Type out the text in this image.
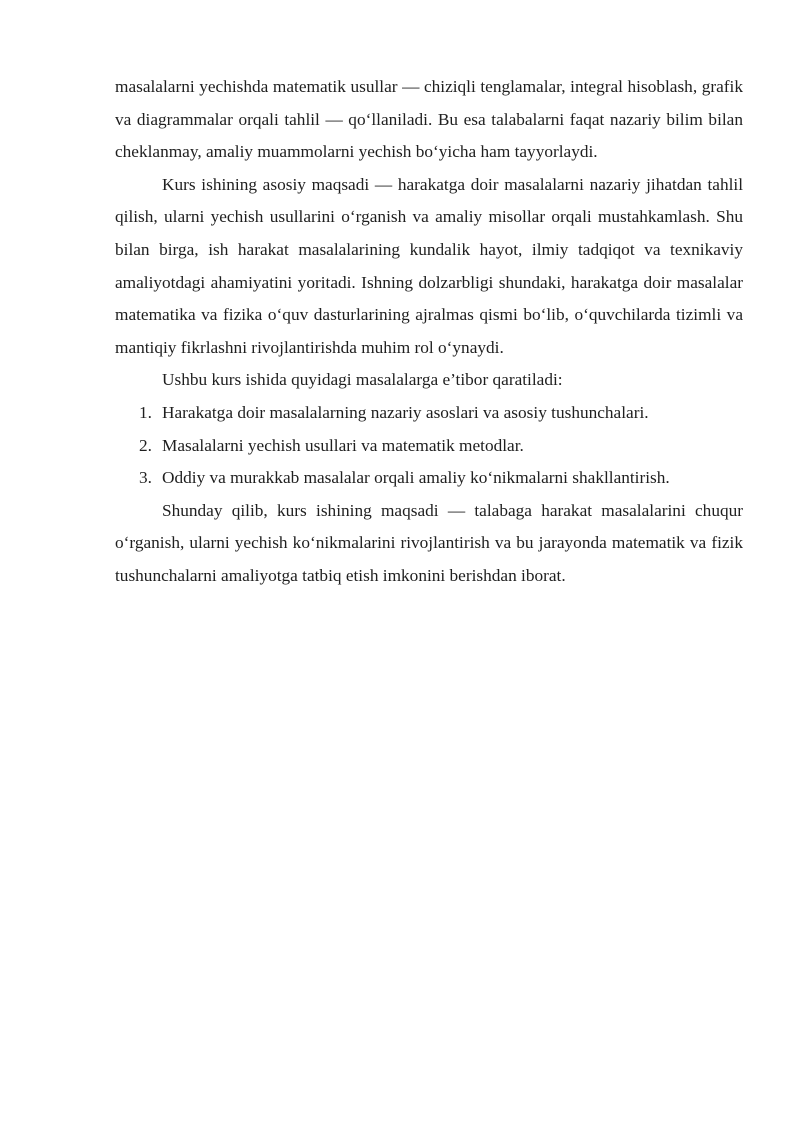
masalalarni yechishda matematik usullar — chiziqli tenglamalar, integral hisoblash, grafik va diagrammalar orqali tahlil — qo‘llaniladi. Bu esa talabalarni faqat nazariy bilim bilan cheklanmay, amaliy muammolarni yechish bo‘yicha ham tayyorlaydi.

Kurs ishining asosiy maqsadi — harakatga doir masalalarni nazariy jihatdan tahlil qilish, ularni yechish usullarini o‘rganish va amaliy misollar orqali mustahkamlash. Shu bilan birga, ish harakat masalalarining kundalik hayot, ilmiy tadqiqot va texnikaviy amaliyotdagi ahamiyatini yoritadi. Ishning dolzarbligi shundaki, harakatga doir masalalar matematika va fizika o‘quv dasturlarining ajralmas qismi bo‘lib, o‘quvchilarda tizimli va mantiqiy fikrlashni rivojlantirishda muhim rol o‘ynaydi.

Ushbu kurs ishida quyidagi masalalarga e’tibor qaratiladi:

1. Harakatga doir masalalarning nazariy asoslari va asosiy tushunchalari.
2. Masalalarni yechish usullari va matematik metodlar.
3. Oddiy va murakkab masalalar orqali amaliy ko‘nikmalarni shakllantirish.

Shunday qilib, kurs ishining maqsadi — talabaga harakat masalalarini chuqur o‘rganish, ularni yechish ko‘nikmalarini rivojlantirish va bu jarayonda matematik va fizik tushunchalarni amaliyotga tatbiq etish imkonini berishdan iborat.
